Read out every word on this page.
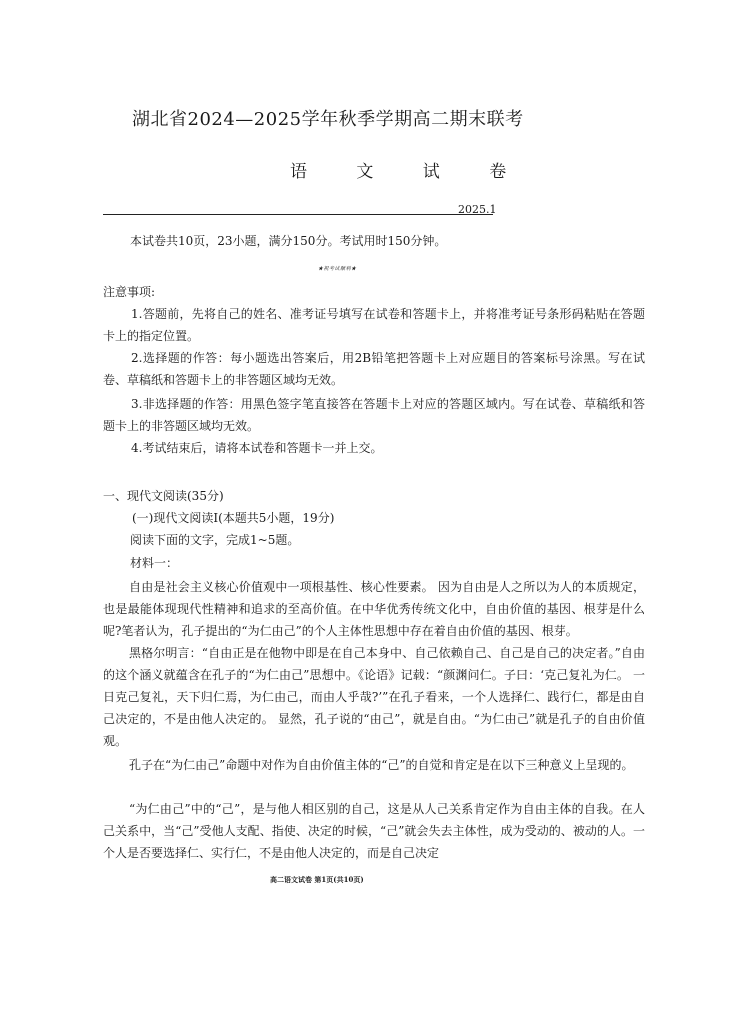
湖北省2024—2025学年秋季学期高二期末联考
语 文 试 卷
2025.1
本试卷共10页，23小题，满分150分。考试用时150分钟。
★祝考试顺利★
注意事项:
1.答题前，先将自己的姓名、准考证号填写在试卷和答题卡上，并将准考证号条形码粘贴在答题卡上的指定位置。
2.选择题的作答：每小题选出答案后，用2B铅笔把答题卡上对应题目的答案标号涂黑。写在试卷、草稿纸和答题卡上的非答题区域均无效。
3.非选择题的作答：用黑色签字笔直接答在答题卡上对应的答题区域内。写在试卷、草稿纸和答题卡上的非答题区域均无效。
4.考试结束后，请将本试卷和答题卡一并上交。
一、现代文阅读(35分)
(一)现代文阅读Ⅰ(本题共5小题，19分)
阅读下面的文字，完成1~5题。
材料一：
自由是社会主义核心价值观中一项根基性、核心性要素。 因为自由是人之所以为人的本质规定，也是最能体现现代性精神和追求的至高价值。在中华优秀传统文化中，自由价值的基因、根芽是什么呢?笔者认为，孔子提出的“为仁由己”的个人主体性思想中存在着自由价值的基因、根芽。
黑格尔明言：“自由正是在他物中即是在自己本身中、自己依赖自己、自己是自己的决定者。”自由的这个涵义就蕴含在孔子的“为仁由己”思想中。《论语》记载：“颜渊问仁。子曰：‘克己复礼为仁。 一日克己复礼，天下归仁焉，为仁由己，而由人乎哉?’”在孔子看来，一个人选择仁、践行仁，都是由自己决定的，不是由他人决定的。 显然，孔子说的“由己”，就是自由。“为仁由己”就是孔子的自由价值观。
孔子在“为仁由己”命题中对作为自由价值主体的“己”的自觉和肯定是在以下三种意义上呈现的。
“为仁由己”中的“己”，是与他人相区别的自己，这是从人己关系肯定作为自由主体的自我。在人己关系中，当“己”受他人支配、指使、决定的时候，“己”就会失去主体性，成为受动的、被动的人。一个人是否要选择仁、实行仁，不是由他人决定的，而是自己决定
高二语文试卷 第1页(共10页)
